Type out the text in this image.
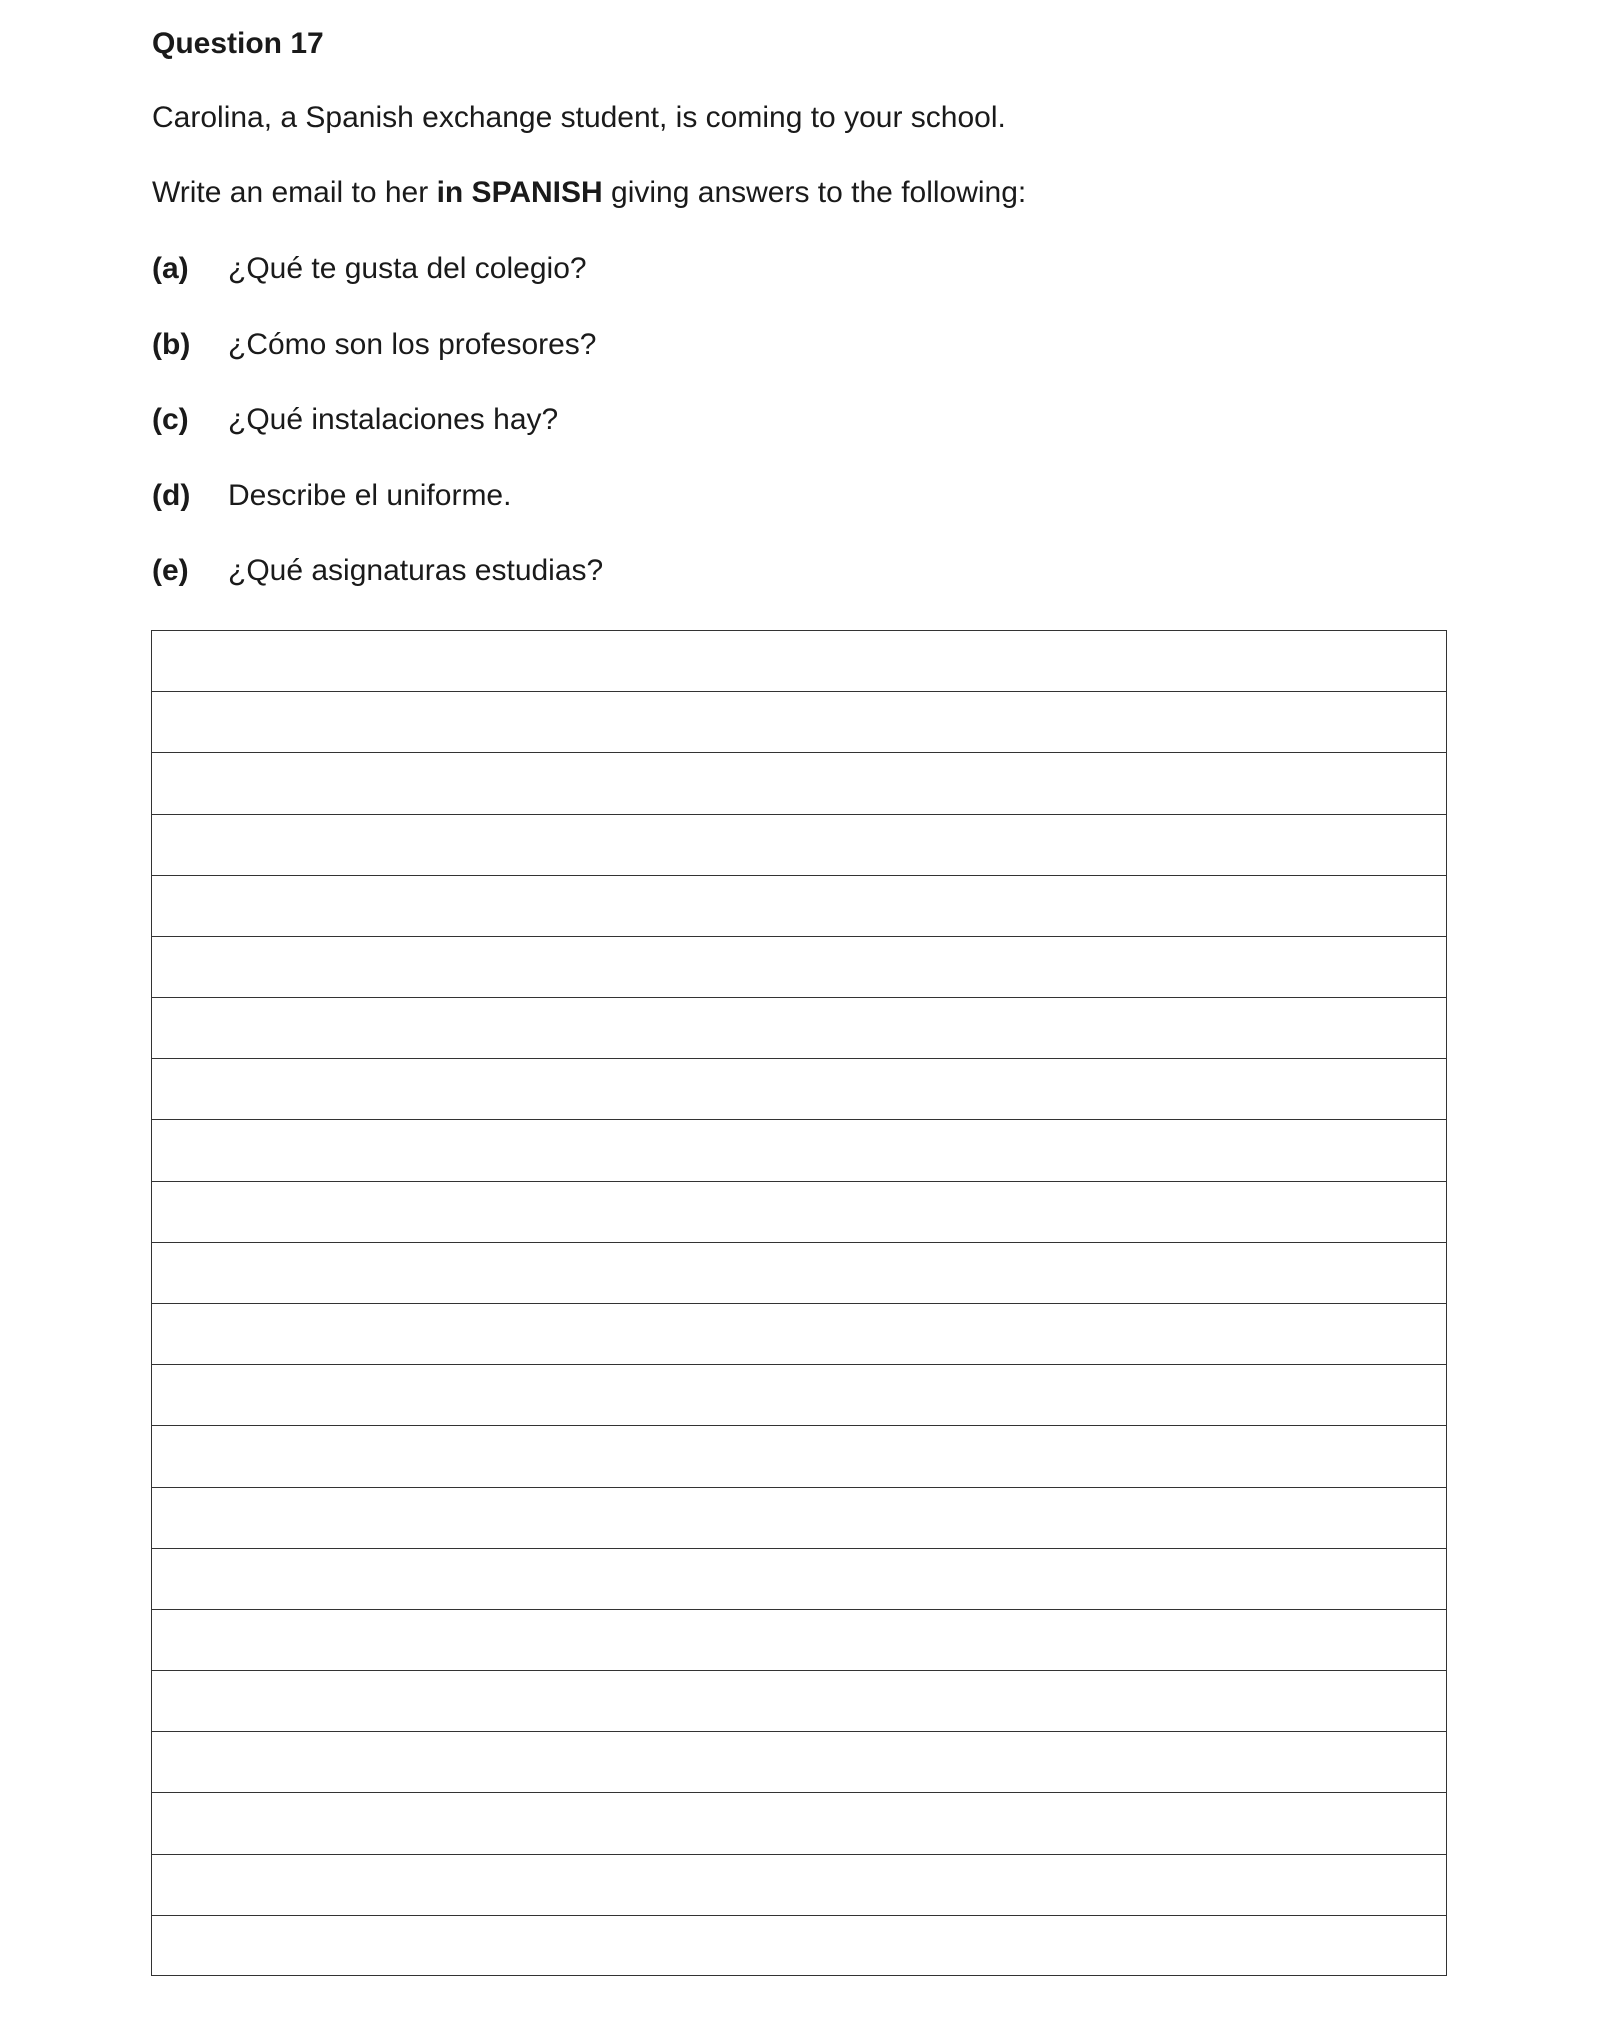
Question 17
Carolina, a Spanish exchange student, is coming to your school.
Write an email to her in SPANISH giving answers to the following:
(a) ¿Qué te gusta del colegio?
(b) ¿Cómo son los profesores?
(c) ¿Qué instalaciones hay?
(d) Describe el uniforme.
(e) ¿Qué asignaturas estudias?
